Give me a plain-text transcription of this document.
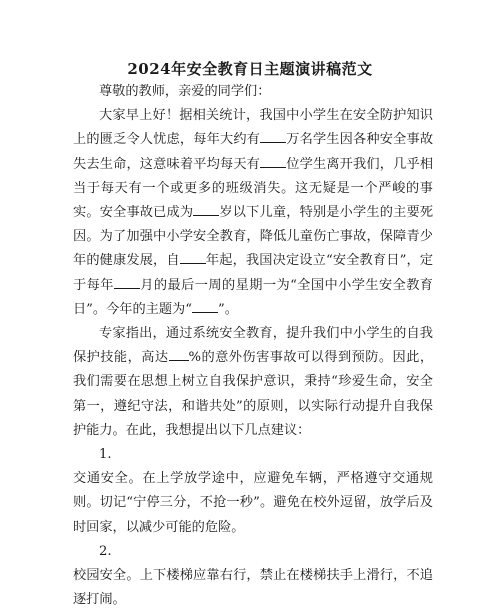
2024年安全教育日主题演讲稿范文

尊敬的教师，亲爱的同学们：

大家早上好！据相关统计，我国中小学生在安全防护知识上的匮乏令人忧虑，每年大约有 万名学生因各种安全事故失去生命，这意味着平均每天有 位学生离开我们，几乎相当于每天有一个或更多的班级消失。这无疑是一个严峻的事实。安全事故已成为 岁以下儿童，特别是小学生的主要死因。为了加强中小学安全教育，降低儿童伤亡事故，保障青少年的健康发展，自 年起，我国决定设立“安全教育日”，定于每年 月的最后一周的星期一为“全国中小学生安全教育日”。今年的主题为“ ”。

专家指出，通过系统安全教育，提升我们中小学生的自我保护技能，高达 %的意外伤害事故可以得到预防。因此，我们需要在思想上树立自我保护意识，秉持“珍爱生命，安全第一，遵纪守法，和谐共处”的原则，以实际行动提升自我保护能力。在此，我想提出以下几点建议：

1.

交通安全。在上学放学途中，应避免车辆，严格遵守交通规则。切记“宁停三分，不抢一秒”。避免在校外逗留，放学后及时回家，以减少可能的危险。

2.

校园安全。上下楼梯应靠右行，禁止在楼梯扶手上滑行，不追逐打闹。
